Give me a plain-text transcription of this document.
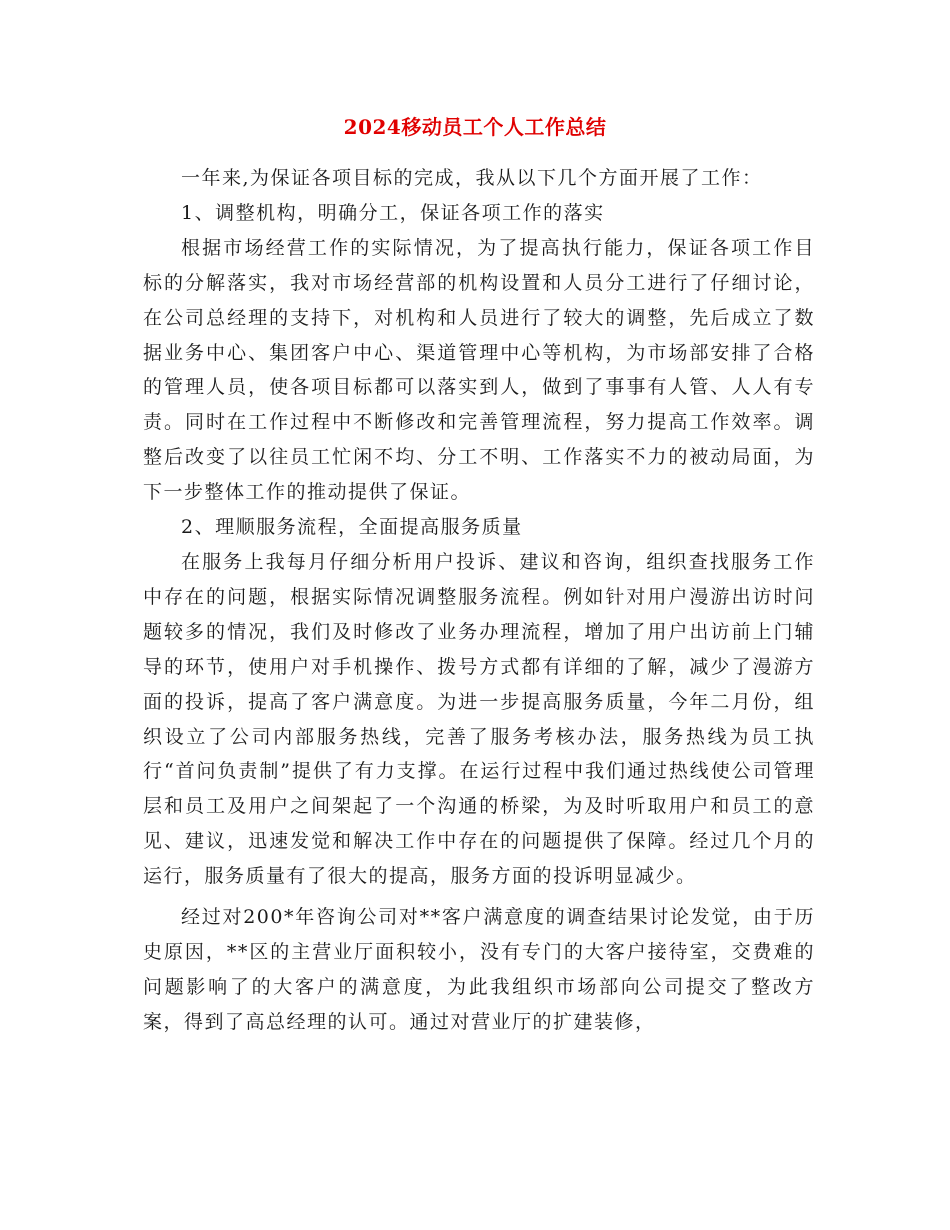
2024移动员工个人工作总结

一年来,为保证各项目标的完成，我从以下几个方面开展了工作：

1、调整机构，明确分工，保证各项工作的落实

根据市场经营工作的实际情况，为了提高执行能力，保证各项工作目标的分解落实，我对市场经营部的机构设置和人员分工进行了仔细讨论，在公司总经理的支持下，对机构和人员进行了较大的调整，先后成立了数据业务中心、集团客户中心、渠道管理中心等机构，为市场部安排了合格的管理人员，使各项目标都可以落实到人，做到了事事有人管、人人有专责。同时在工作过程中不断修改和完善管理流程，努力提高工作效率。调整后改变了以往员工忙闲不均、分工不明、工作落实不力的被动局面，为下一步整体工作的推动提供了保证。

2、理顺服务流程，全面提高服务质量

在服务上我每月仔细分析用户投诉、建议和咨询，组织查找服务工作中存在的问题，根据实际情况调整服务流程。例如针对用户漫游出访时问题较多的情况，我们及时修改了业务办理流程，增加了用户出访前上门辅导的环节，使用户对手机操作、拨号方式都有详细的了解，减少了漫游方面的投诉，提高了客户满意度。为进一步提高服务质量，今年二月份，组织设立了公司内部服务热线，完善了服务考核办法，服务热线为员工执行“首问负责制”提供了有力支撑。在运行过程中我们通过热线使公司管理层和员工及用户之间架起了一个沟通的桥梁，为及时听取用户和员工的意见、建议，迅速发觉和解决工作中存在的问题提供了保障。经过几个月的运行，服务质量有了很大的提高，服务方面的投诉明显减少。

经过对200*年咨询公司对**客户满意度的调查结果讨论发觉，由于历史原因，**区的主营业厅面积较小，没有专门的大客户接待室，交费难的问题影响了的大客户的满意度，为此我组织市场部向公司提交了整改方案，得到了高总经理的认可。通过对营业厅的扩建装修，
